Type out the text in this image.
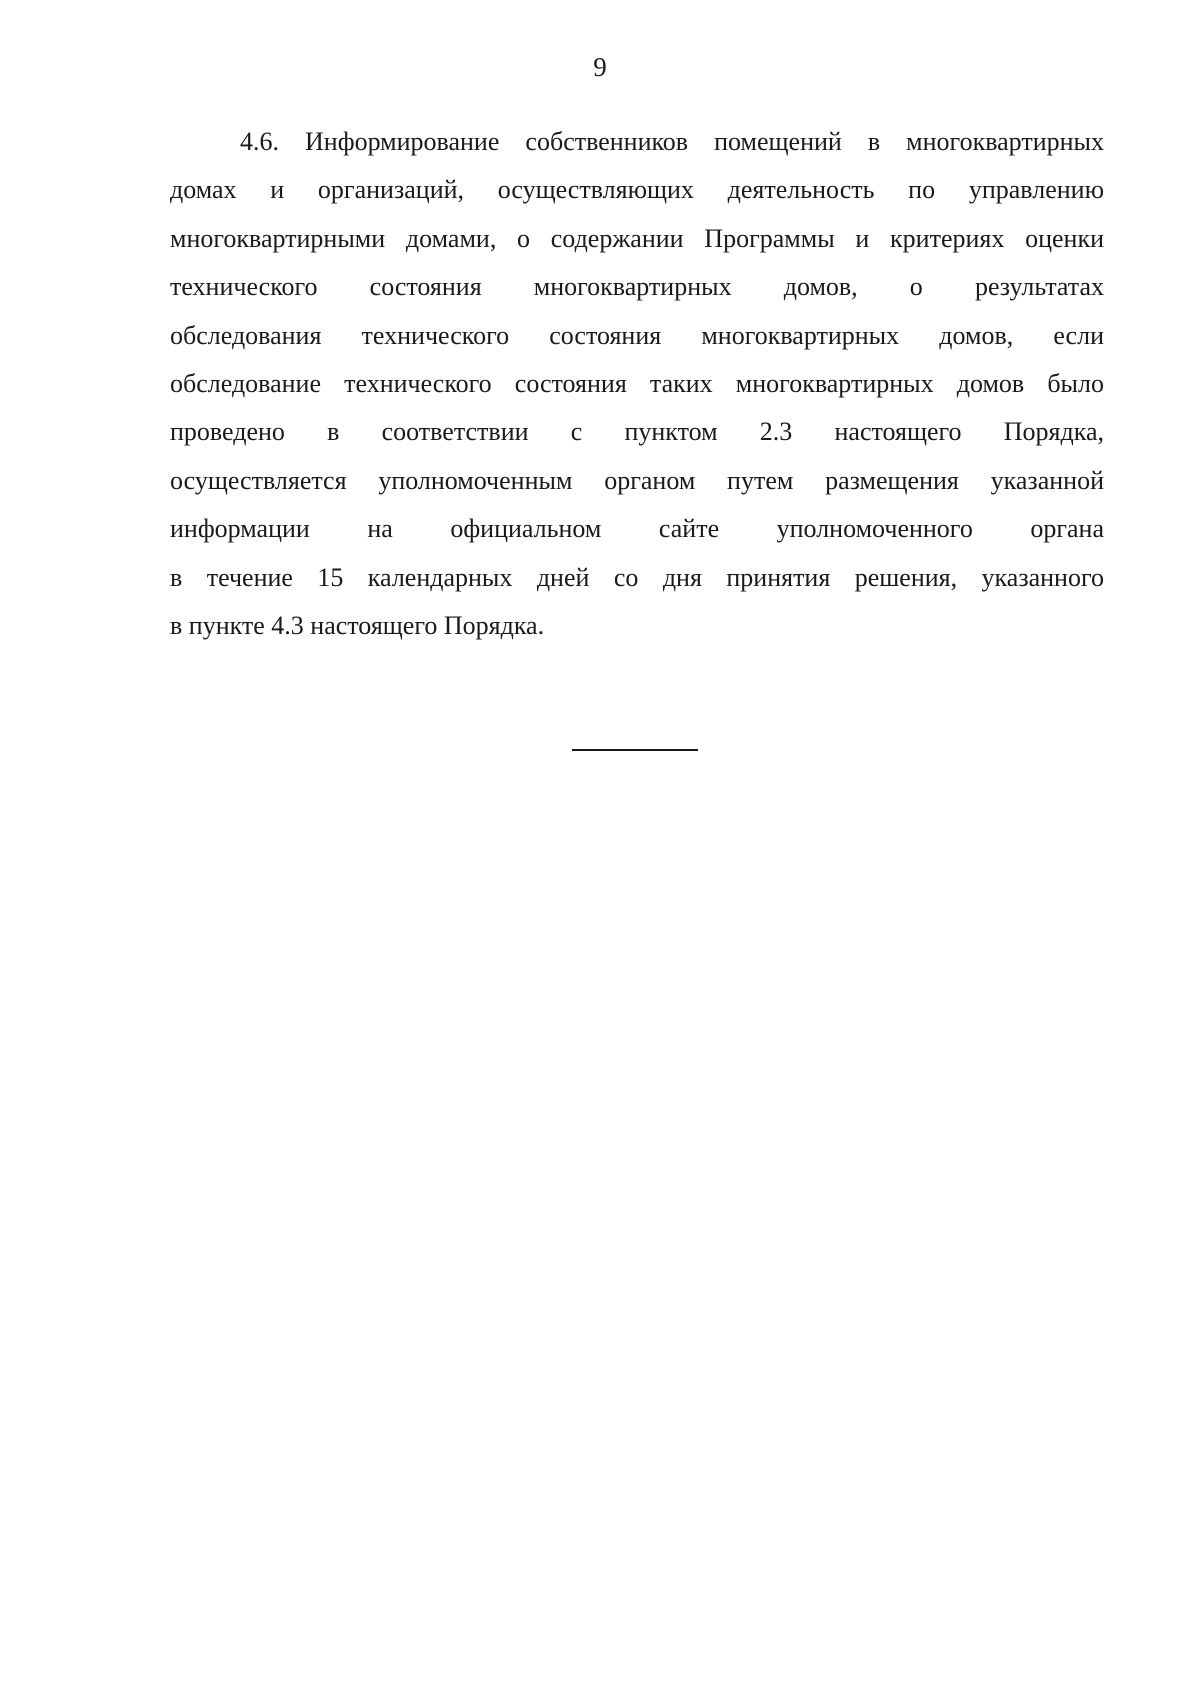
9
4.6. Информирование собственников помещений в многоквартирных
домах и организаций, осуществляющих деятельность по управлению
многоквартирными домами, о содержании Программы и критериях оценки
технического состояния многоквартирных домов, о результатах
обследования технического состояния многоквартирных домов, если
обследование технического состояния таких многоквартирных домов было
проведено в соответствии с пунктом 2.3 настоящего Порядка,
осуществляется уполномоченным органом путем размещения указанной
информации на официальном сайте уполномоченного органа
в течение 15 календарных дней со дня принятия решения, указанного
в пункте 4.3 настоящего Порядка.
